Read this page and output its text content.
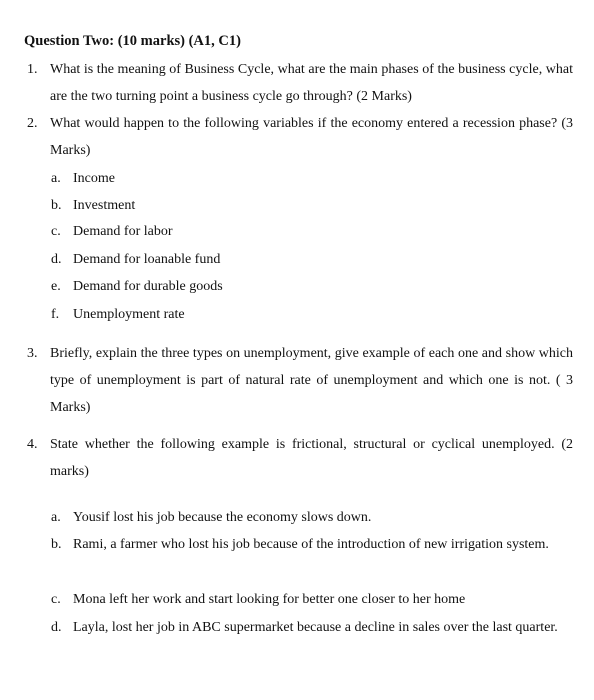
Question Two: (10 marks) (A1, C1)
1. What is the meaning of Business Cycle, what are the main phases of the business cycle, what are the two turning point a business cycle go through? (2 Marks)
2. What would happen to the following variables if the economy entered a recession phase? (3 Marks)
a. Income
b. Investment
c. Demand for labor
d. Demand for loanable fund
e. Demand for durable goods
f. Unemployment rate
3. Briefly, explain the three types on unemployment, give example of each one and show which type of unemployment is part of natural rate of unemployment and which one is not. ( 3 Marks)
4. State whether the following example is frictional, structural or cyclical unemployed. (2 marks)
a. Yousif lost his job because the economy slows down.
b. Rami, a farmer who lost his job because of the introduction of new irrigation system.
c. Mona left her work and start looking for better one closer to her home
d. Layla, lost her job in ABC supermarket because a decline in sales over the last quarter.
